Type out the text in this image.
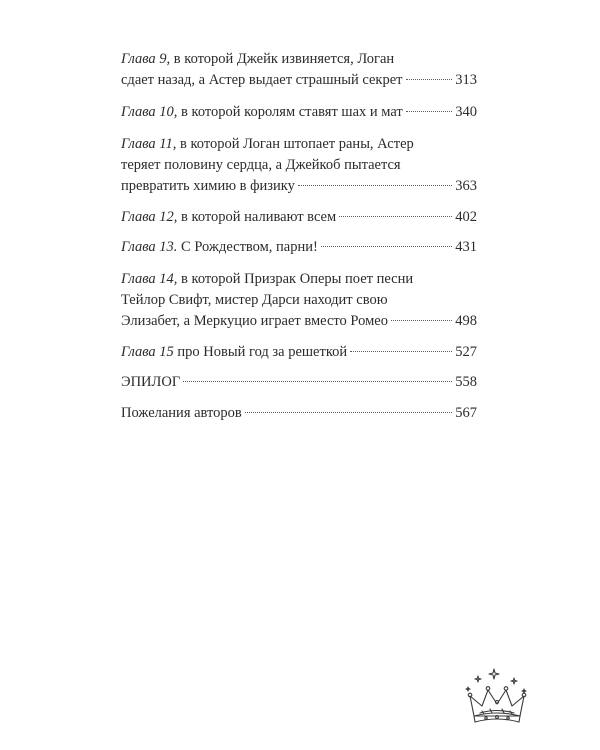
Глава 9, в которой Джейк извиняется, Логан
сдает назад, а Астер выдает страшный секрет	313
Глава 10, в которой королям ставят шах и мат	340
Глава 11, в которой Логан штопает раны, Астер
теряет половину сердца, а Джейкоб пытается
превратить химию в физику	363
Глава 12, в которой наливают всем	402
Глава 13. С Рождеством, парни!	431
Глава 14, в которой Призрак Оперы поет песни
Тейлор Свифт, мистер Дарси находит свою
Элизабет, а Меркуцио играет вместо Ромео	498
Глава 15 про Новый год за решеткой	527
ЭПИЛОГ	558
Пожелания авторов	567
